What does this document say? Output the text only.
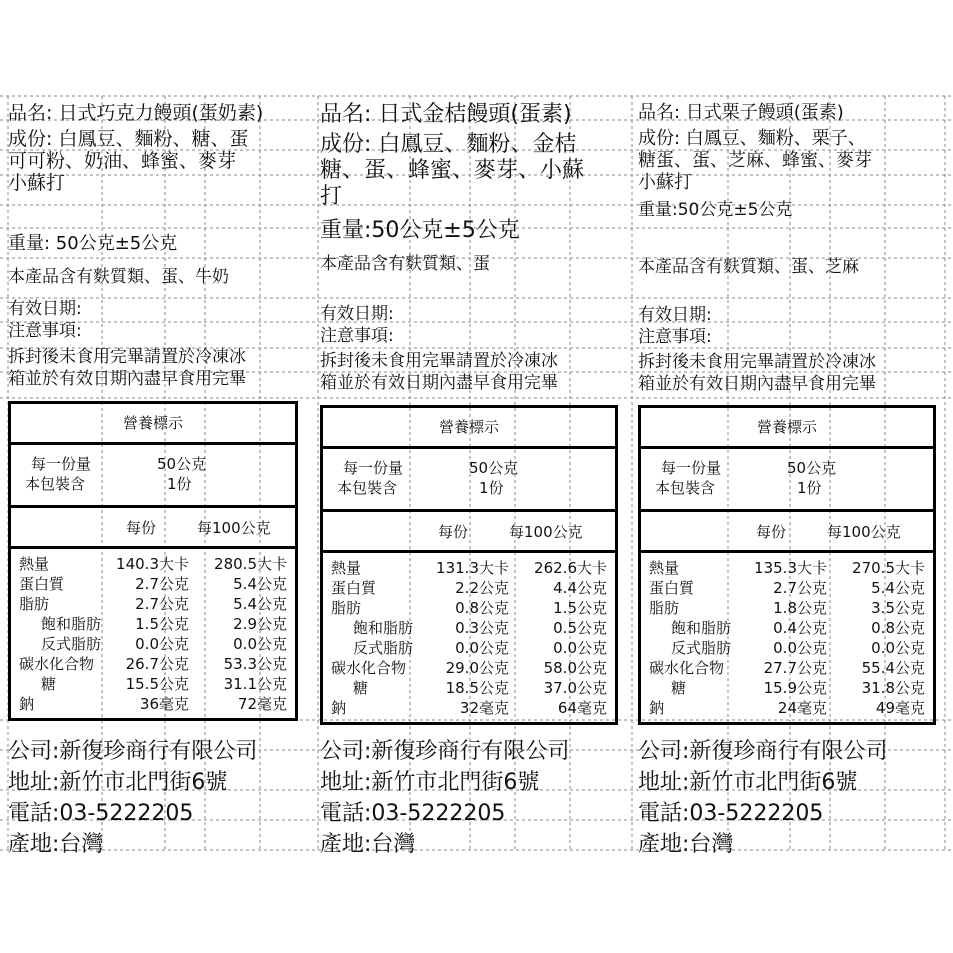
品名: 日式巧克力饅頭(蛋奶素)
成份: 白鳳豆、麵粉、糖、蛋
可可粉、奶油、蜂蜜、麥芽
小蘇打
重量: 50公克±5公克
本產品含有麩質類、蛋、牛奶
有效日期:
注意事項:
拆封後未食用完畢請置於冷凍冰
箱並於有效日期內盡早食用完畢
營養標示
每一份量	50公克
本包裝含	1份
每份	每100公克
熱量	140.3大卡 280.5大卡
蛋白質	2.7公克	5.4公克
脂肪	2.7公克	5.4公克
飽和脂肪 1.5公克	2.9公克
反式脂肪 0.0公克	0.0公克
碳水化合物 26.7公克 53.3公克
糖	15.5公克 31.1公克
鈉	36毫克	72毫克
公司:新復珍商行有限公司
地址:新竹市北門街6號
電話:03-5222205
產地:台灣
品名: 日式金桔饅頭(蛋素)
成份: 白鳳豆、麵粉、金桔
糖、蛋、蜂蜜、麥芽、小蘇
打
重量:50公克±5公克
本產品含有麩質類、蛋
有效日期:
注意事項:
拆封後未食用完畢請置於冷凍冰
箱並於有效日期內盡早食用完畢
營養標示
每一份量	50公克
本包裝含	1份
每份	每100公克
熱量	131.3大卡 262.6大卡
蛋白質	2.2公克	4.4公克
脂肪	0.8公克	1.5公克
飽和脂肪	0.3公克	0.5公克
反式脂肪	0.0公克	0.0公克
碳水化合物	29.0公克 58.0公克
糖	18.5公克 37.0公克
鈉	32毫克	64毫克
公司:新復珍商行有限公司
地址:新竹市北門街6號
電話:03-5222205
產地:台灣
品名: 日式栗子饅頭(蛋素)
成份: 白鳳豆、麵粉、栗子、
糖蛋、蛋、芝麻、蜂蜜、麥芽
小蘇打
重量:50公克±5公克
本產品含有麩質類、蛋、芝麻
有效日期:
注意事項:
拆封後未食用完畢請置於冷凍冰
箱並於有效日期內盡早食用完畢
營養標示
每一份量	50公克
本包裝含	1份
每份	每100公克
熱量	135.3大卡 270.5大卡
蛋白質	2.7公克	5.4公克
脂肪	1.8公克	3.5公克
飽和脂肪	0.4公克	0.8公克
反式脂肪	0.0公克	0.0公克
碳水化合物	27.7公克 55.4公克
糖	15.9公克 31.8公克
鈉	24毫克	49毫克
公司:新復珍商行有限公司
地址:新竹市北門街6號
電話:03-5222205
產地:台灣
